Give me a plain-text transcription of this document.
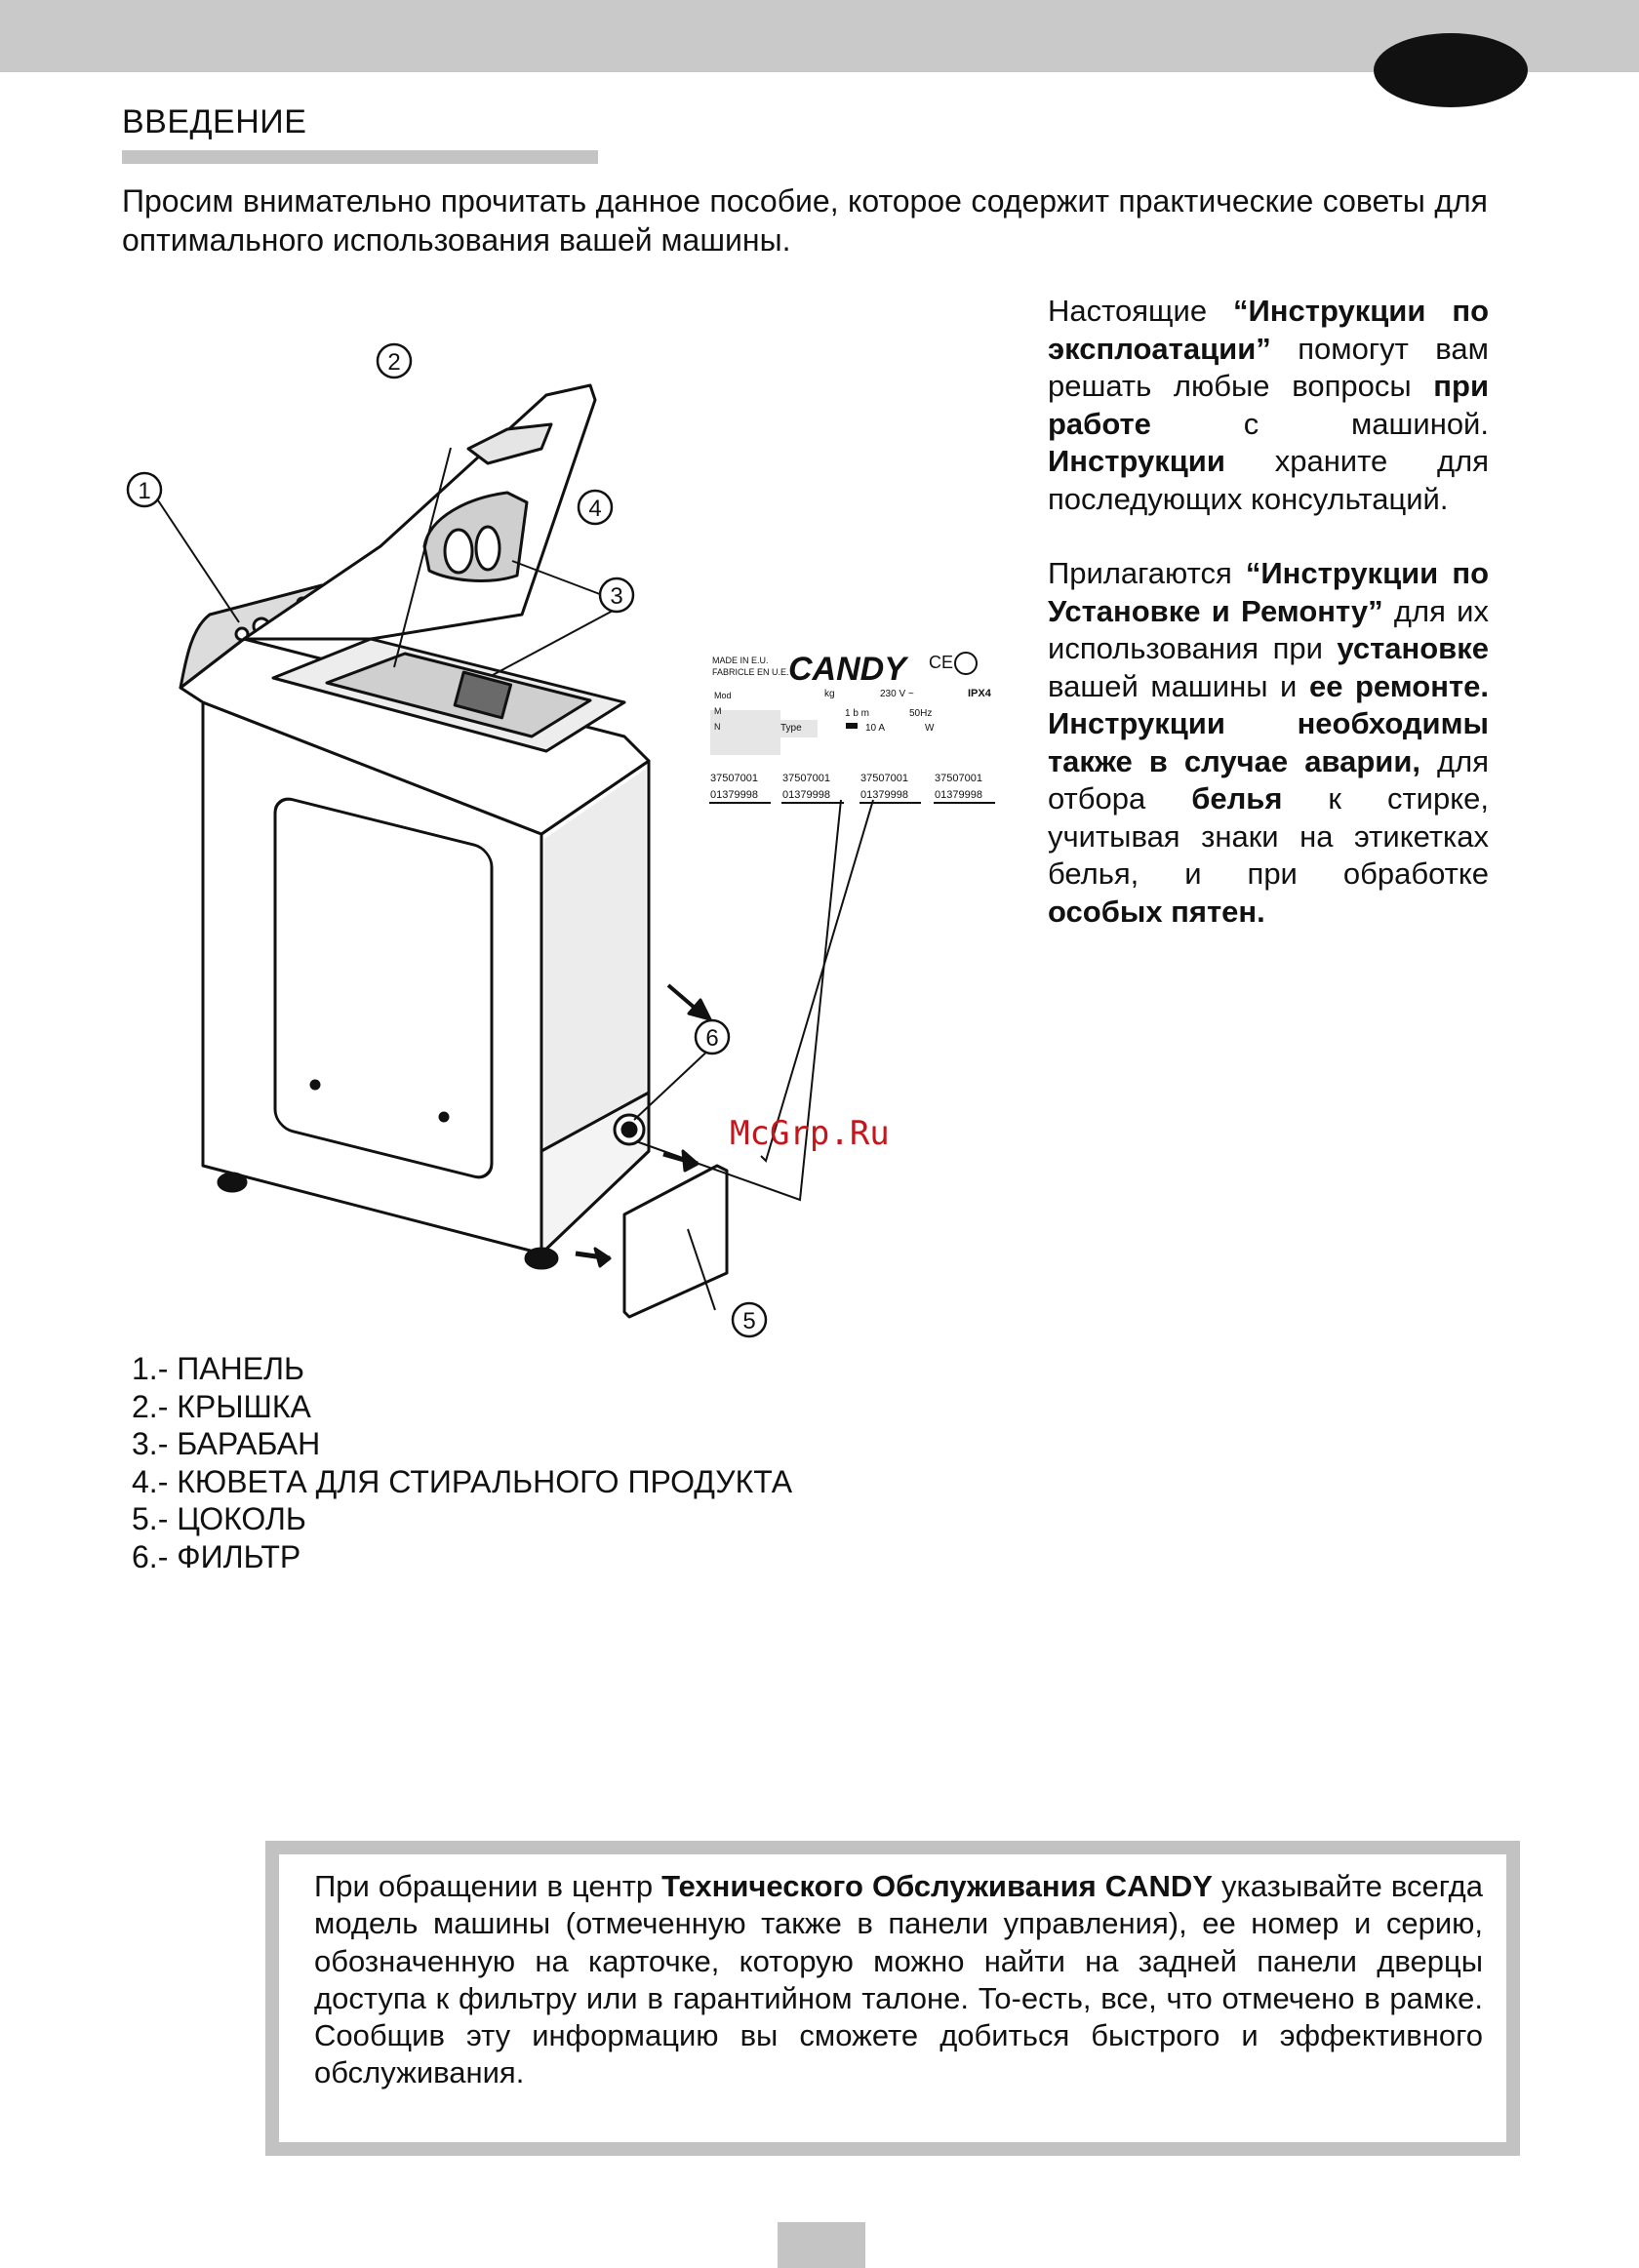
ВВЕДЕНИЕ

Просим внимательно прочитать данное пособие, которое содержит практические советы для оптимального использования вашей машины.

Настоящие “Инструкции по эксплоатации” помогут вам решать любые вопросы при работе с машиной. Инструкции храните для последующих консультаций.

Прилагаются “Инструкции по Установке и Ремонту” для их использования при установке вашей машины и ее ремонте. Инструкции необходимы также в случае аварии, для отбора белья к стирке, учитывая знаки на этикетках белья, и при обработке особых пятен.

1
2
3
4
5
6
MADE IN E.U.
FABRICLE EN U.E. CANDY CE
Mod
M
N
kg	230 V ~	IPX4
1 b m	50Hz
Type	10 A	W
37507001 37507001	37507001 37507001
01379998 01379998	01379998 01379998
McGrp.Ru
1.- ПАНЕЛЬ
2.- КРЫШКА
3.- БАРАБАН
4.- КЮВЕТА ДЛЯ СТИРАЛЬНОГО ПРОДУКТА
5.- ЦОКОЛЬ
6.- ФИЛЬТР

При обращении в центр Технического Обслуживания CANDY указывайте всегда модель машины (отмеченную также в панели управления), ее номер и серию, обозначенную на карточке, которую можно найти на задней панели дверцы доступа к фильтру или в гарантийном талоне. То-есть, все, что отмечено в рамке. Сообщив эту информацию вы сможете добиться быстрого и эффективного обслуживания.
